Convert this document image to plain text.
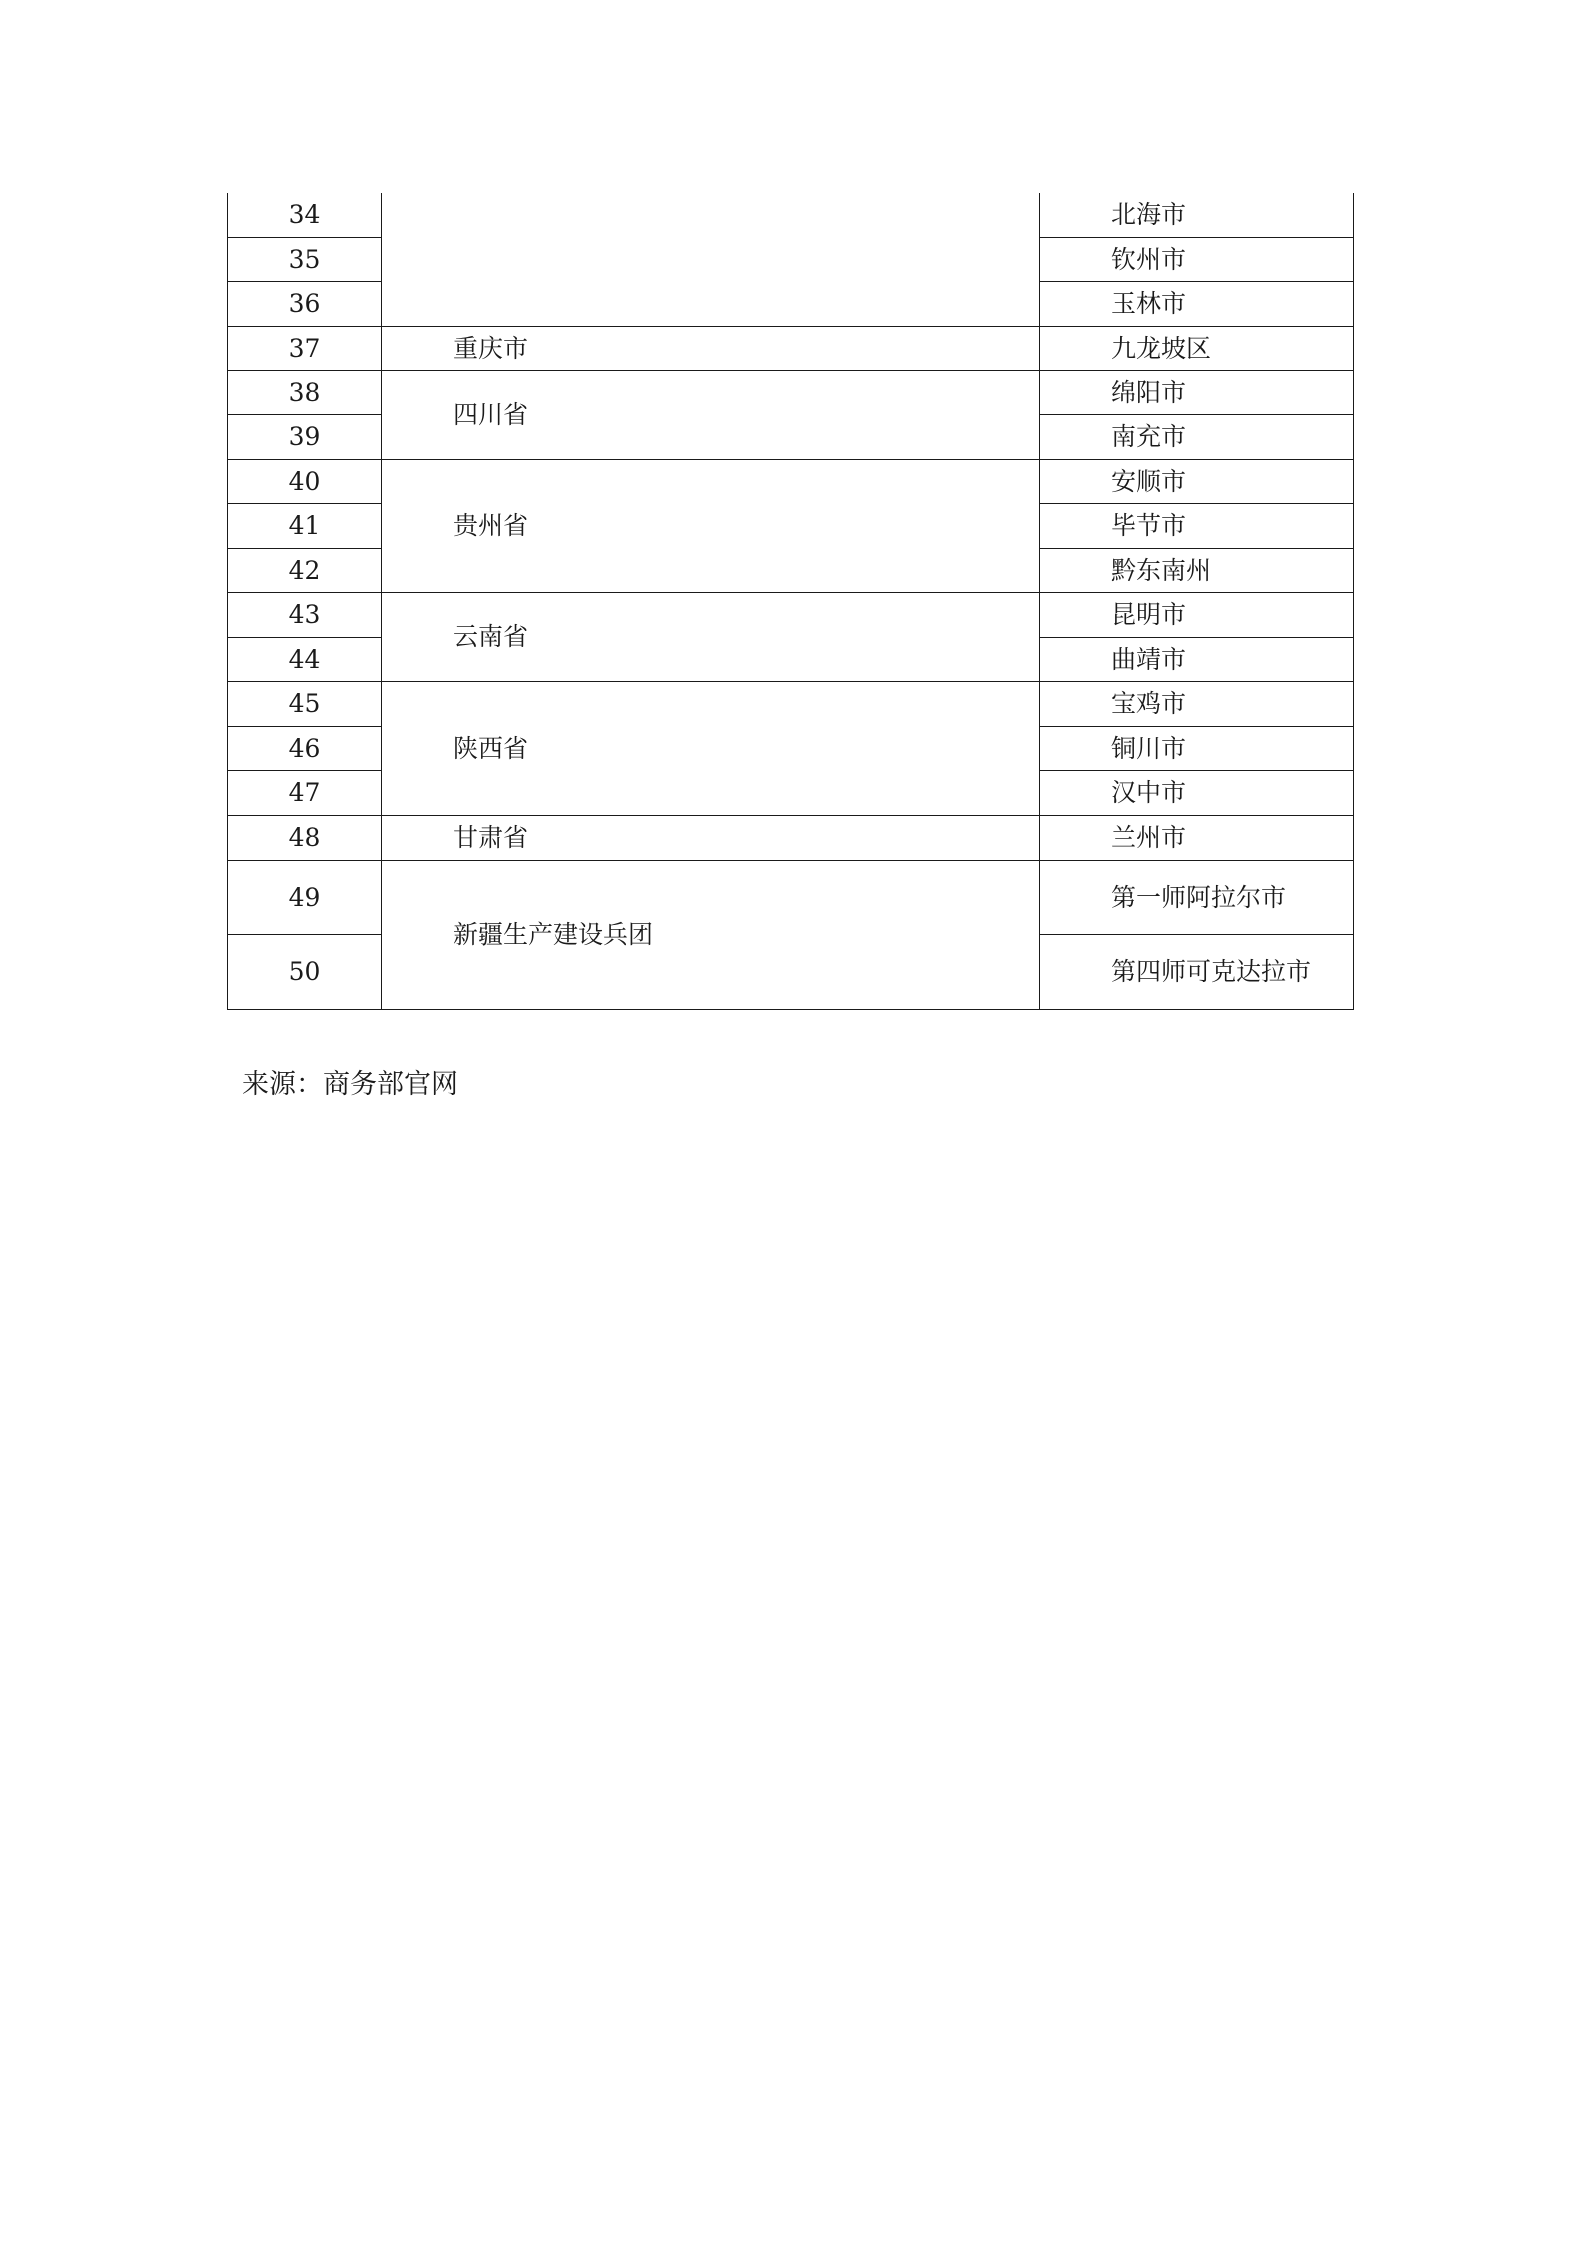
34		北海市
35		钦州市
36		玉林市
37	重庆市	九龙坡区
38	四川省	绵阳市
39		南充市
40	贵州省	安顺市
41		毕节市
42		黔东南州
43	云南省	昆明市
44		曲靖市
45	陕西省	宝鸡市
46		铜川市
47		汉中市
48	甘肃省	兰州市
49	新疆生产建设兵团	第一师阿拉尔市
50		第四师可克达拉市

来源：商务部官网
